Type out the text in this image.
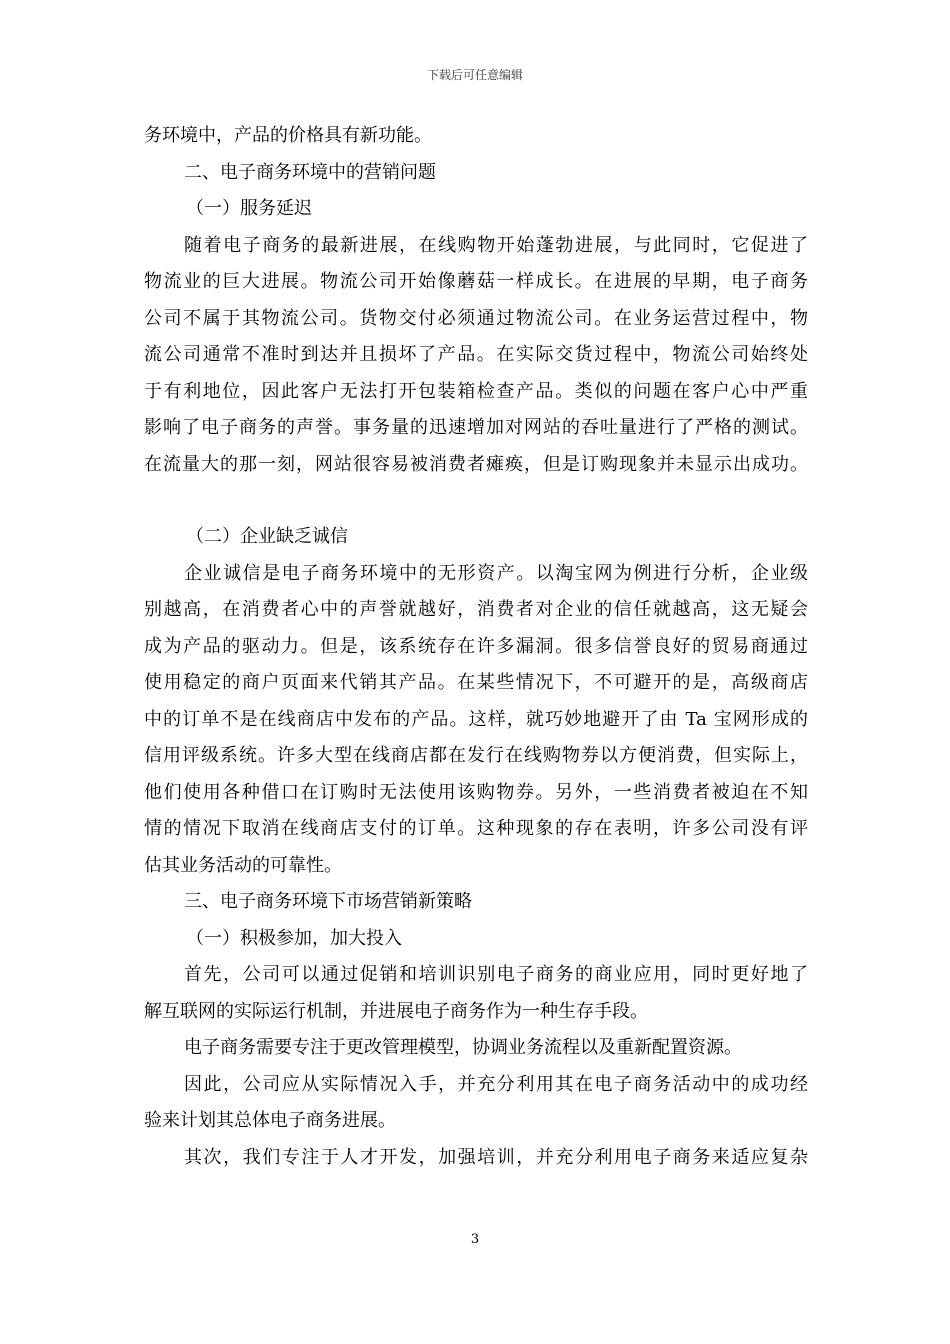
下载后可任意编辑
务环境中，产品的价格具有新功能。
二、电子商务环境中的营销问题
（一）服务延迟
随着电子商务的最新进展，在线购物开始蓬勃进展，与此同时，它促进了
物流业的巨大进展。物流公司开始像蘑菇一样成长。在进展的早期，电子商务
公司不属于其物流公司。货物交付必须通过物流公司。在业务运营过程中，物
流公司通常不准时到达并且损坏了产品。在实际交货过程中，物流公司始终处
于有利地位，因此客户无法打开包装箱检查产品。类似的问题在客户心中严重
影响了电子商务的声誉。事务量的迅速增加对网站的吞吐量进行了严格的测试。
在流量大的那一刻，网站很容易被消费者瘫痪，但是订购现象并未显示出成功。
（二）企业缺乏诚信
企业诚信是电子商务环境中的无形资产。以淘宝网为例进行分析，企业级
别越高，在消费者心中的声誉就越好，消费者对企业的信任就越高，这无疑会
成为产品的驱动力。但是，该系统存在许多漏洞。很多信誉良好的贸易商通过
使用稳定的商户页面来代销其产品。在某些情况下，不可避开的是，高级商店
中的订单不是在线商店中发布的产品。这样，就巧妙地避开了由 Ta 宝网形成的
信用评级系统。许多大型在线商店都在发行在线购物券以方便消费，但实际上，
他们使用各种借口在订购时无法使用该购物券。另外，一些消费者被迫在不知
情的情况下取消在线商店支付的订单。这种现象的存在表明，许多公司没有评
估其业务活动的可靠性。
三、电子商务环境下市场营销新策略
（一）积极参加，加大投入
首先，公司可以通过促销和培训识别电子商务的商业应用，同时更好地了
解互联网的实际运行机制，并进展电子商务作为一种生存手段。
电子商务需要专注于更改管理模型，协调业务流程以及重新配置资源。
因此，公司应从实际情况入手，并充分利用其在电子商务活动中的成功经
验来计划其总体电子商务进展。
其次，我们专注于人才开发，加强培训，并充分利用电子商务来适应复杂
3
